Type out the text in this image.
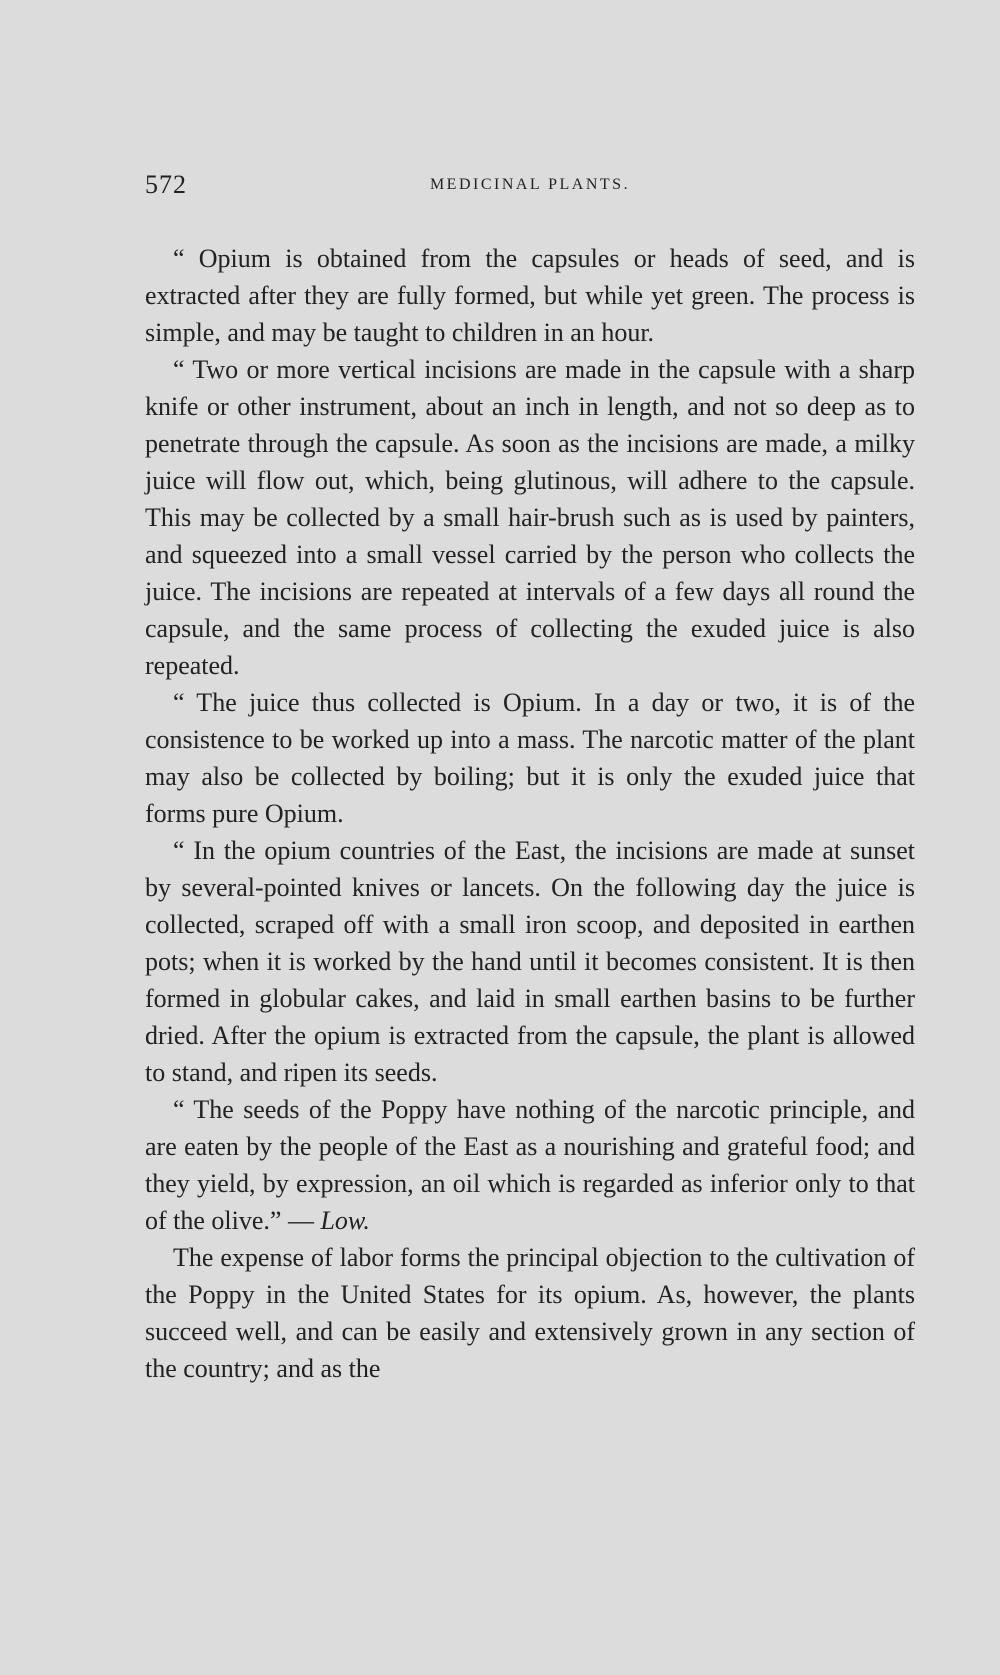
572	MEDICINAL PLANTS.

“ Opium is obtained from the capsules or heads of seed, and is extracted after they are fully formed, but while yet green. The process is simple, and may be taught to children in an hour.

“ Two or more vertical incisions are made in the capsule with a sharp knife or other instrument, about an inch in length, and not so deep as to penetrate through the capsule. As soon as the incisions are made, a milky juice will flow out, which, being glutinous, will adhere to the capsule. This may be collected by a small hair-brush such as is used by painters, and squeezed into a small vessel carried by the person who collects the juice. The incisions are repeated at intervals of a few days all round the capsule, and the same process of collecting the exuded juice is also repeated.

“ The juice thus collected is Opium. In a day or two, it is of the consistence to be worked up into a mass. The narcotic matter of the plant may also be collected by boiling; but it is only the exuded juice that forms pure Opium.

“ In the opium countries of the East, the incisions are made at sunset by several-pointed knives or lancets. On the following day the juice is collected, scraped off with a small iron scoop, and deposited in earthen pots; when it is worked by the hand until it becomes consistent. It is then formed in globular cakes, and laid in small earthen basins to be further dried. After the opium is extracted from the capsule, the plant is allowed to stand, and ripen its seeds.

“ The seeds of the Poppy have nothing of the narcotic principle, and are eaten by the people of the East as a nourishing and grateful food; and they yield, by expression, an oil which is regarded as inferior only to that of the olive.” — Low.

The expense of labor forms the principal objection to the cultivation of the Poppy in the United States for its opium. As, however, the plants succeed well, and can be easily and extensively grown in any section of the country; and as the
